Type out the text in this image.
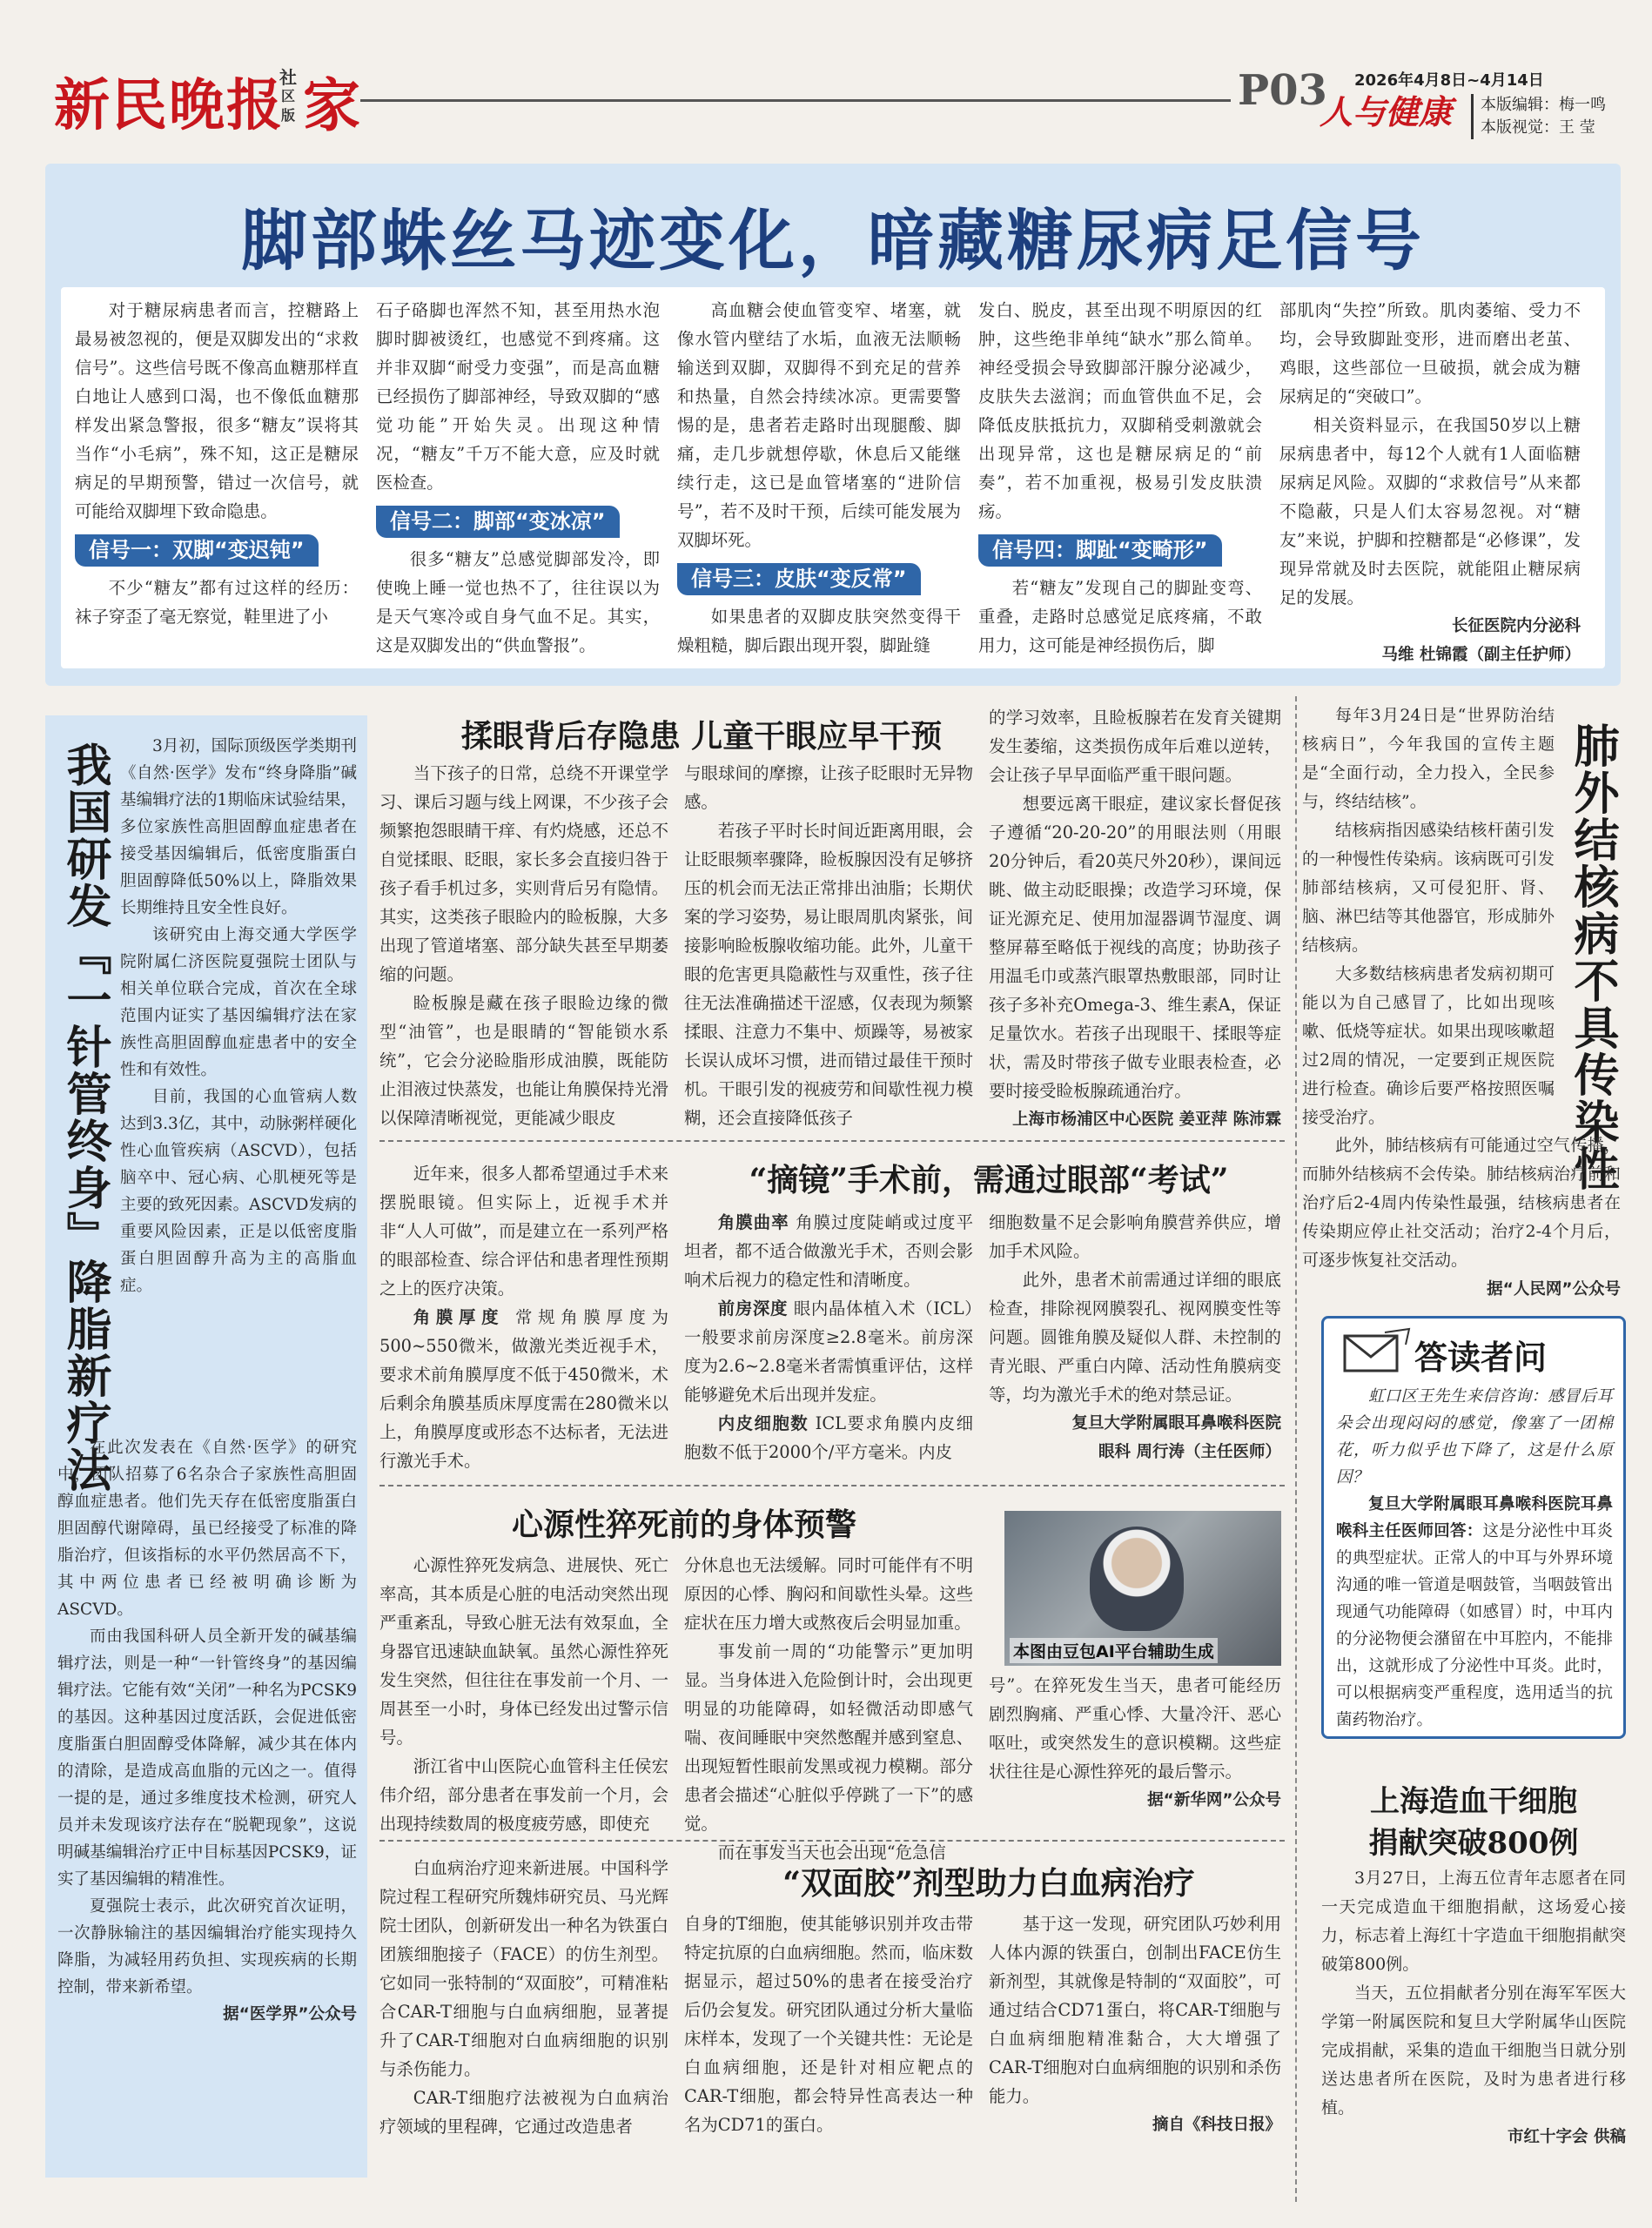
新民晚报
社
区版 家	2026年4月8日~4月14日
P03
人与健康 本版编辑：梅一鸣
本版视觉：王 莹
脚部蛛丝马迹变化，暗藏糖尿病足信号

对于糖尿病患者而言，控糖路上最易被忽视的，便是双脚发出的“求救信号”。这些信号既不像高血糖那样直白地让人感到口渴，也不像低血糖那样发出紧急警报，很多“糖友”误将其当作“小毛病”，殊不知，这正是糖尿病足的早期预警，错过一次信号，就可能给双脚埋下致命隐患。

信号一：双脚“变迟钝”

不少“糖友”都有过这样的经历：袜子穿歪了毫无察觉，鞋里进了小

石子硌脚也浑然不知，甚至用热水泡脚时脚被烫红，也感觉不到疼痛。这并非双脚“耐受力变强”，而是高血糖已经损伤了脚部神经，导致双脚的“感觉功能”开始失灵。出现这种情况，“糖友”千万不能大意，应及时就医检查。

信号二：脚部“变冰凉”

很多“糖友”总感觉脚部发冷，即使晚上睡一觉也热不了，往往误以为是天气寒冷或自身气血不足。其实，这是双脚发出的“供血警报”。

高血糖会使血管变窄、堵塞，就像水管内壁结了水垢，血液无法顺畅输送到双脚，双脚得不到充足的营养和热量，自然会持续冰凉。更需要警惕的是，患者若走路时出现腿酸、脚痛，走几步就想停歇，休息后又能继续行走，这已是血管堵塞的“进阶信号”，若不及时干预，后续可能发展为双脚坏死。

信号三：皮肤“变反常”

如果患者的双脚皮肤突然变得干燥粗糙，脚后跟出现开裂，脚趾缝

发白、脱皮，甚至出现不明原因的红肿，这些绝非单纯“缺水”那么简单。神经受损会导致脚部汗腺分泌减少，皮肤失去滋润；而血管供血不足，会降低皮肤抵抗力，双脚稍受刺激就会出现异常，这也是糖尿病足的“前奏”，若不加重视，极易引发皮肤溃疡。

信号四：脚趾“变畸形”

若“糖友”发现自己的脚趾变弯、重叠，走路时总感觉足底疼痛，不敢用力，这可能是神经损伤后，脚

部肌肉“失控”所致。肌肉萎缩、受力不均，会导致脚趾变形，进而磨出老茧、鸡眼，这些部位一旦破损，就会成为糖尿病足的“突破口”。

相关资料显示，在我国50岁以上糖尿病患者中，每12个人就有1人面临糖尿病足风险。双脚的“求救信号”从来都不隐蔽，只是人们太容易忽视。对“糖友”来说，护脚和控糖都是“必修课”，发现异常就及时去医院，就能阻止糖尿病足的发展。

长征医院内分泌科
马维 杜锦霞（副主任护师）
我国研发『一针管终身』降脂新疗法	3月初，国际顶级医学类期刊《自然·医学》发布“终身降脂”碱基编辑疗法的1期临床试验结果，多位家族性高胆固醇血症患者在接受基因编辑后，低密度脂蛋白胆固醇降低50%以上，降脂效果长期维持且安全性良好。

该研究由上海交通大学医学院附属仁济医院夏强院士团队与相关单位联合完成，首次在全球范围内证实了基因编辑疗法在家族性高胆固醇血症患者中的安全性和有效性。

目前，我国的心血管病人数达到3.3亿，其中，动脉粥样硬化性心血管疾病（ASCVD），包括脑卒中、冠心病、心肌梗死等是主要的致死因素。ASCVD发病的重要风险因素，正是以低密度脂蛋白胆固醇升高为主的高脂血症。

在此次发表在《自然·医学》的研究中，团队招募了6名杂合子家族性高胆固醇血症患者。他们先天存在低密度脂蛋白胆固醇代谢障碍，虽已经接受了标准的降脂治疗，但该指标的水平仍然居高不下，其中两位患者已经被明确诊断为ASCVD。

而由我国科研人员全新开发的碱基编辑疗法，则是一种“一针管终身”的基因编辑疗法。它能有效“关闭”一种名为PCSK9的基因。这种基因过度活跃，会促进低密度脂蛋白胆固醇受体降解，减少其在体内的清除，是造成高血脂的元凶之一。值得一提的是，通过多维度技术检测，研究人员并未发现该疗法存在“脱靶现象”，这说明碱基编辑治疗正中目标基因PCSK9，证实了基因编辑的精准性。

夏强院士表示，此次研究首次证明，一次静脉输注的基因编辑治疗能实现持久降脂，为减轻用药负担、实现疾病的长期控制，带来新希望。

据“医学界”公众号
揉眼背后存隐患 儿童干眼应早干预

当下孩子的日常，总绕不开课堂学习、课后习题与线上网课，不少孩子会频繁抱怨眼睛干痒、有灼烧感，还总不自觉揉眼、眨眼，家长多会直接归咎于孩子看手机过多，实则背后另有隐情。其实，这类孩子眼睑内的睑板腺，大多出现了管道堵塞、部分缺失甚至早期萎缩的问题。

睑板腺是藏在孩子眼睑边缘的微型“油管”，也是眼睛的“智能锁水系统”，它会分泌睑脂形成油膜，既能防止泪液过快蒸发，也能让角膜保持光滑以保障清晰视觉，更能减少眼皮

与眼球间的摩擦，让孩子眨眼时无异物感。

若孩子平时长时间近距离用眼，会让眨眼频率骤降，睑板腺因没有足够挤压的机会而无法正常排出油脂；长期伏案的学习姿势，易让眼周肌肉紧张，间接影响睑板腺收缩功能。此外，儿童干眼的危害更具隐蔽性与双重性，孩子往往无法准确描述干涩感，仅表现为频繁揉眼、注意力不集中、烦躁等，易被家长误认成坏习惯，进而错过最佳干预时机。干眼引发的视疲劳和间歇性视力模糊，还会直接降低孩子

的学习效率，且睑板腺若在发育关键期发生萎缩，这类损伤成年后难以逆转，会让孩子早早面临严重干眼问题。

想要远离干眼症，建议家长督促孩子遵循“20-20-20”的用眼法则（用眼20分钟后，看20英尺外20秒），课间远眺、做主动眨眼操；改造学习环境，保证光源充足、使用加湿器调节湿度、调整屏幕至略低于视线的高度；协助孩子用温毛巾或蒸汽眼罩热敷眼部，同时让孩子多补充Omega-3、维生素A，保证足量饮水。若孩子出现眼干、揉眼等症状，需及时带孩子做专业眼表检查，必要时接受睑板腺疏通治疗。

上海市杨浦区中心医院 姜亚萍 陈沛霖

每年3月24日是“世界防治结核病日”，今年我国的宣传主题是“全面行动，全力投入，全民参与，终结结核”。

结核病指因感染结核杆菌引发的一种慢性传染病。该病既可引发肺部结核病，又可侵犯肝、肾、脑、淋巴结等其他器官，形成肺外结核病。

大多数结核病患者发病初期可能以为自己感冒了，比如出现咳嗽、低烧等症状。如果出现咳嗽超过2周的情况，一定要到正规医院进行检查。确诊后要严格按照医嘱接受治疗。	肺外结核病不具传染性

此外，肺结核病有可能通过空气传播，而肺外结核病不会传染。肺结核病治疗前和治疗后2-4周内传染性最强，结核病患者在传染期应停止社交活动；治疗2-4个月后，可逐步恢复社交活动。

据“人民网”公众号
“摘镜”手术前，需通过眼部“考试”

近年来，很多人都希望通过手术来摆脱眼镜。但实际上，近视手术并非“人人可做”，而是建立在一系列严格的眼部检查、综合评估和患者理性预期之上的医疗决策。

角膜厚度 常规角膜厚度为500~550微米，做激光类近视手术，要求术前角膜厚度不低于450微米，术后剩余角膜基质床厚度需在280微米以上，角膜厚度或形态不达标者，无法进行激光手术。

角膜曲率 角膜过度陡峭或过度平坦者，都不适合做激光手术，否则会影响术后视力的稳定性和清晰度。

前房深度 眼内晶体植入术（ICL）一般要求前房深度≥2.8毫米。前房深度为2.6~2.8毫米者需慎重评估，这样能够避免术后出现并发症。

内皮细胞数 ICL要求角膜内皮细胞数不低于2000个/平方毫米。内皮

细胞数量不足会影响角膜营养供应，增加手术风险。

此外，患者术前需通过详细的眼底检查，排除视网膜裂孔、视网膜变性等问题。圆锥角膜及疑似人群、未控制的青光眼、严重白内障、活动性角膜病变等，均为激光手术的绝对禁忌证。

复旦大学附属眼耳鼻喉科医院
眼科 周行涛（主任医师）
答读者问

虹口区王先生来信咨询：感冒后耳朵会出现闷闷的感觉，像塞了一团棉花，听力似乎也下降了，这是什么原因？

复旦大学附属眼耳鼻喉科医院耳鼻喉科主任医师回答：这是分泌性中耳炎的典型症状。正常人的中耳与外界环境沟通的唯一管道是咽鼓管，当咽鼓管出现通气功能障碍（如感冒）时，中耳内的分泌物便会潴留在中耳腔内，不能排出，这就形成了分泌性中耳炎。此时，可以根据病变严重程度，选用适当的抗菌药物治疗。

心源性猝死前的身体预警

心源性猝死发病急、进展快、死亡率高，其本质是心脏的电活动突然出现严重紊乱，导致心脏无法有效泵血，全身器官迅速缺血缺氧。虽然心源性猝死发生突然，但往往在事发前一个月、一周甚至一小时，身体已经发出过警示信号。

浙江省中山医院心血管科主任侯宏伟介绍，部分患者在事发前一个月，会出现持续数周的极度疲劳感，即使充

分休息也无法缓解。同时可能伴有不明原因的心悸、胸闷和间歇性头晕。这些症状在压力增大或熬夜后会明显加重。

事发前一周的“功能警示”更加明显。当身体进入危险倒计时，会出现更明显的功能障碍，如轻微活动即感气喘、夜间睡眠中突然憋醒并感到窒息、出现短暂性眼前发黑或视力模糊。部分患者会描述“心脏似乎停跳了一下”的感觉。

而在事发当天也会出现“危急信

本图由豆包AI平台辅助生成

号”。在猝死发生当天，患者可能经历剧烈胸痛、严重心悸、大量冷汗、恶心呕吐，或突然发生的意识模糊。这些症状往往是心源性猝死的最后警示。

据“新华网”公众号	上海造血干细胞
捐献突破800例

3月27日，上海五位青年志愿者在同一天完成造血干细胞捐献，这场爱心接力，标志着上海红十字造血干细胞捐献突破第800例。

当天，五位捐献者分别在海军军医大学第一附属医院和复旦大学附属华山医院完成捐献，采集的造血干细胞当日就分别送达患者所在医院，及时为患者进行移植。

市红十字会 供稿
“双面胶”剂型助力白血病治疗

白血病治疗迎来新进展。中国科学院过程工程研究所魏炜研究员、马光辉院士团队，创新研发出一种名为铁蛋白团簇细胞接子（FACE）的仿生剂型。它如同一张特制的“双面胶”，可精准粘合CAR-T细胞与白血病细胞，显著提升了CAR-T细胞对白血病细胞的识别与杀伤能力。

CAR-T细胞疗法被视为白血病治疗领域的里程碑，它通过改造患者

自身的T细胞，使其能够识别并攻击带特定抗原的白血病细胞。然而，临床数据显示，超过50%的患者在接受治疗后仍会复发。研究团队通过分析大量临床样本，发现了一个关键共性：无论是白血病细胞，还是针对相应靶点的CAR-T细胞，都会特异性高表达一种名为CD71的蛋白。

基于这一发现，研究团队巧妙利用人体内源的铁蛋白，创制出FACE仿生新剂型，其就像是特制的“双面胶”，可通过结合CD71蛋白，将CAR-T细胞与白血病细胞精准黏合，大大增强了CAR-T细胞对白血病细胞的识别和杀伤能力。

摘自《科技日报》
